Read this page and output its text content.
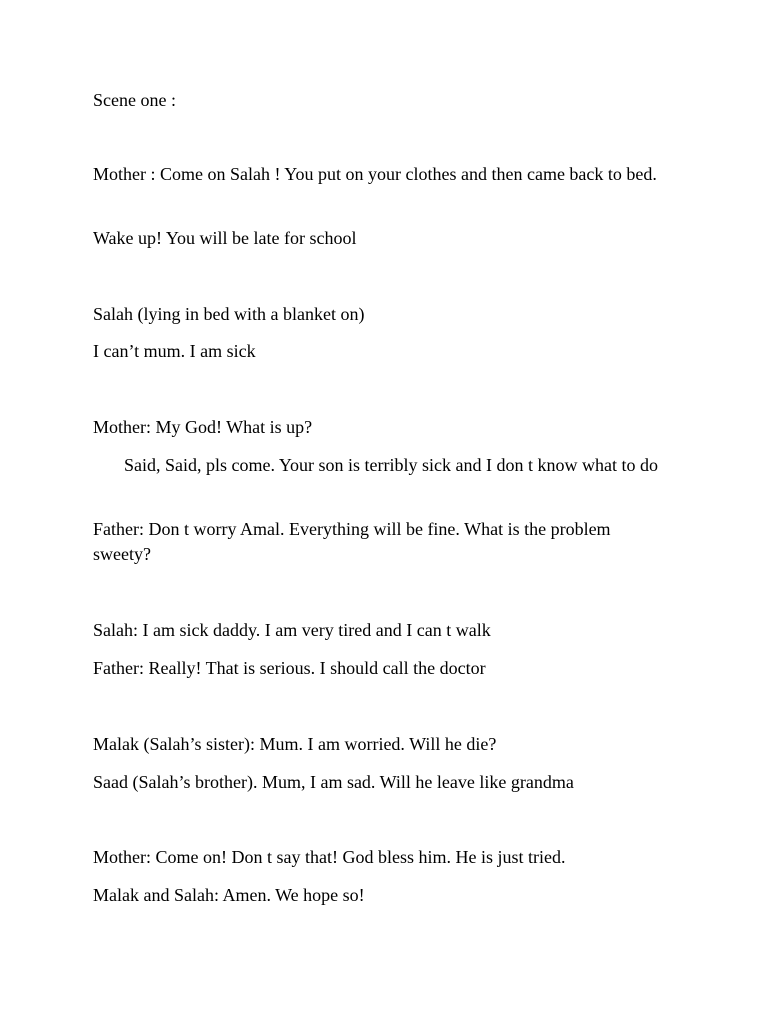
Scene one :

Mother : Come on Salah ! You put on your clothes and then came back to bed.

Wake up! You will be late for school

Salah (lying in bed with a blanket on)

I can’t mum. I am sick

Mother: My God! What is up?

Said, Said, pls come. Your son is terribly sick and I don t know what to do

Father: Don t worry Amal. Everything will be fine. What is the problem sweety?

Salah: I am sick daddy. I am very tired and I can t walk

Father: Really! That is serious. I should call the doctor

Malak (Salah’s sister): Mum. I am worried. Will he die?

Saad (Salah’s brother). Mum, I am sad. Will he leave like grandma

Mother: Come on! Don t say that! God bless him. He is just tried.

Malak and Salah: Amen. We hope so!
